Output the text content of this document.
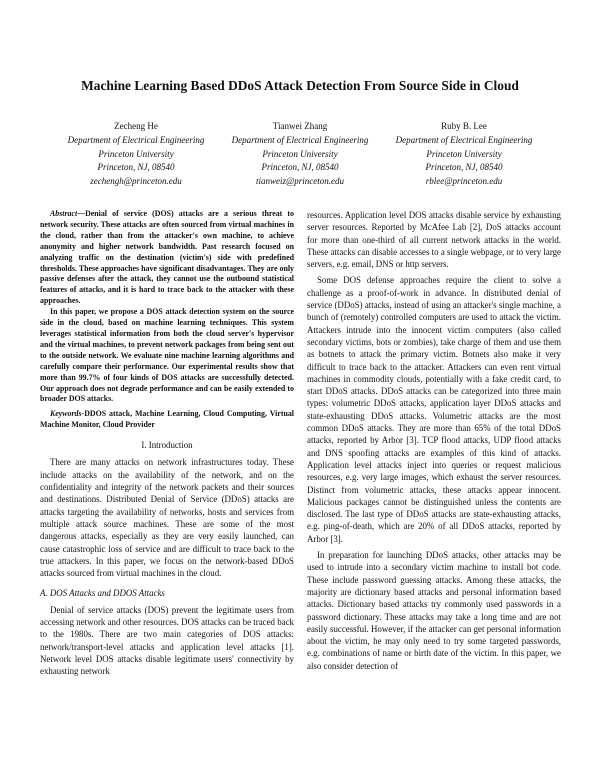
Machine Learning Based DDoS Attack Detection From Source Side in Cloud
Zecheng He
Department of Electrical Engineering
Princeton University
Princeton, NJ, 08540
zechengh@princeton.edu
Tianwei Zhang
Department of Electrical Engineering
Princeton University
Princeton, NJ, 08540
tianweiz@princeton.edu
Ruby B. Lee
Department of Electrical Engineering
Princeton University
Princeton, NJ, 08540
rblee@princeton.edu

Abstract—Denial of service (DOS) attacks are a serious threat to network security. These attacks are often sourced from virtual machines in the cloud, rather than from the attacker's own machine, to achieve anonymity and higher network bandwidth. Past research focused on analyzing traffic on the destination (victim's) side with predefined thresholds. These approaches have significant disadvantages. They are only passive defenses after the attack, they cannot use the outbound statistical features of attacks, and it is hard to trace back to the attacker with these approaches.

In this paper, we propose a DOS attack detection system on the source side in the cloud, based on machine learning techniques. This system leverages statistical information from both the cloud server's hypervisor and the virtual machines, to prevent network packages from being sent out to the outside network. We evaluate nine machine learning algorithms and carefully compare their performance. Our experimental results show that more than 99.7% of four kinds of DOS attacks are successfully detected. Our approach does not degrade performance and can be easily extended to broader DOS attacks.

Keywords-DDOS attack, Machine Learning, Cloud Computing, Virtual Machine Monitor, Cloud Provider

I. Introduction

There are many attacks on network infrastructures today. These include attacks on the availability of the network, and on the confidentiality and integrity of the network packets and their sources and destinations. Distributed Denial of Service (DDoS) attacks are attacks targeting the availability of networks, hosts and services from multiple attack source machines. These are some of the most dangerous attacks, especially as they are very easily launched, can cause catastrophic loss of service and are difficult to trace back to the true attackers. In this paper, we focus on the network-based DDoS attacks sourced from virtual machines in the cloud.

A. DOS Attacks and DDOS Attacks

Denial of service attacks (DOS) prevent the legitimate users from accessing network and other resources. DOS attacks can be traced back to the 1980s. There are two main categories of DOS attacks: network/transport-level attacks and application level attacks [1]. Network level DOS attacks disable legitimate users' connectivity by exhausting network

resources. Application level DOS attacks disable service by exhausting server resources. Reported by McAfee Lab [2], DoS attacks account for more than one-third of all current network attacks in the world. These attacks can disable accesses to a single webpage, or to very large servers, e.g. email, DNS or http servers.

Some DOS defense approaches require the client to solve a challenge as a proof-of-work in advance. In distributed denial of service (DDoS) attacks, instead of using an attacker's single machine, a bunch of (remotely) controlled computers are used to attack the victim. Attackers intrude into the innocent victim computers (also called secondary victims, bots or zombies), take charge of them and use them as botnets to attack the primary victim. Botnets also make it very difficult to trace back to the attacker. Attackers can even rent virtual machines in commodity clouds, potentially with a fake credit card, to start DDoS attacks. DDoS attacks can be categorized into three main types: volumetric DDoS attacks, application layer DDoS attacks and state-exhausting DDoS attacks. Volumetric attacks are the most common DDoS attacks. They are more than 65% of the total DDoS attacks, reported by Arbor [3]. TCP flood attacks, UDP flood attacks and DNS spoofing attacks are examples of this kind of attacks. Application level attacks inject into queries or request malicious resources, e.g. very large images, which exhaust the server resources. Distinct from volumetric attacks, these attacks appear innocent. Malicious packages cannot be distinguished unless the contents are disclosed. The last type of DDoS attacks are state-exhausting attacks, e.g. ping-of-death, which are 20% of all DDoS attacks, reported by Arbor [3].

In preparation for launching DDoS attacks, other attacks may be used to intrude into a secondary victim machine to install bot code. These include password guessing attacks. Among these attacks, the majority are dictionary based attacks and personal information based attacks. Dictionary based attacks try commonly used passwords in a password dictionary. These attacks may take a long time and are not easily successful. However, if the attacker can get personal information about the victim, he may only need to try some targeted passwords, e.g. combinations of name or birth date of the victim. In this paper, we also consider detection of
